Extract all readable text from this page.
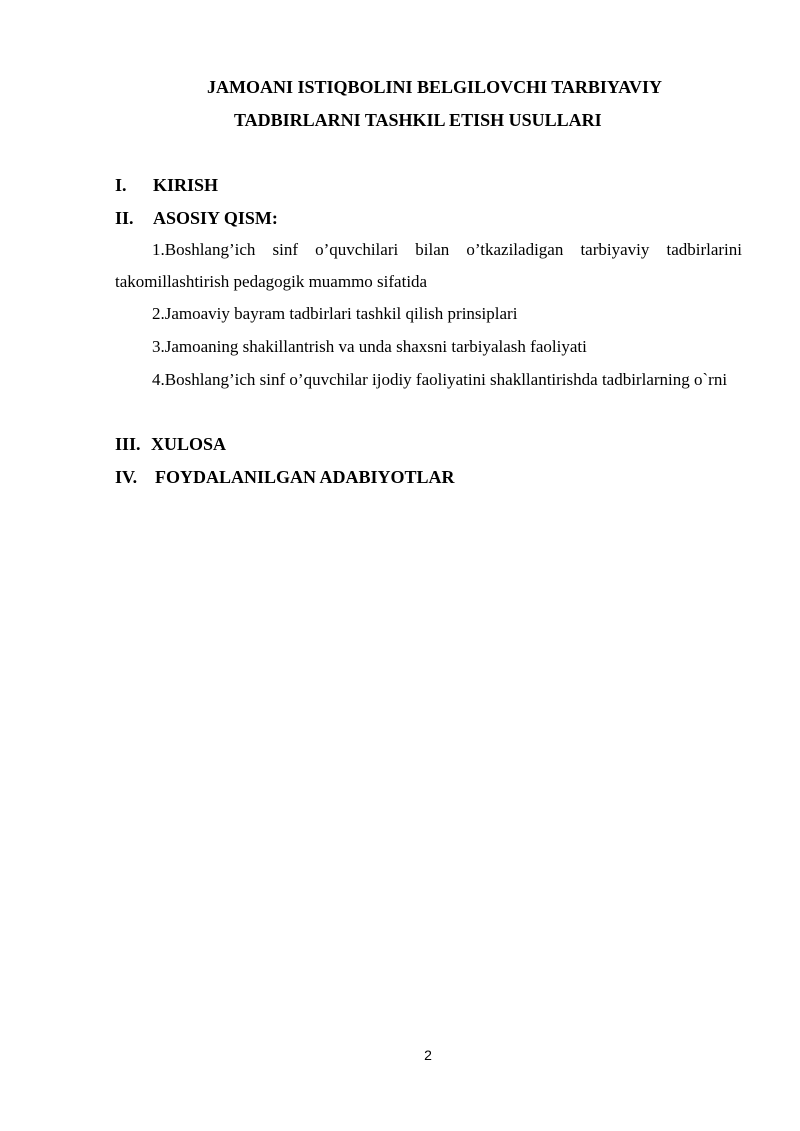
JAMOANI ISTIQBOLINI BELGILOVCHI TARBIYAVIY
TADBIRLARNI TASHKIL ETISH USULLARI
I. KIRISH
II. ASOSIY QISM:
1.Boshlang’ich sinf o’quvchilari bilan o’tkaziladigan tarbiyaviy tadbirlarini takomillashtirish pedagogik muammo sifatida
2.Jamoaviy bayram tadbirlari tashkil qilish prinsiplari
3.Jamoaning shakillantrish va unda shaxsni tarbiyalash faoliyati
4.Boshlang’ich sinf o’quvchilar ijodiy faoliyatini shakllantirishda tadbirlarning o`rni
III. XULOSA
IV. FOYDALANILGAN ADABIYOTLAR
2
